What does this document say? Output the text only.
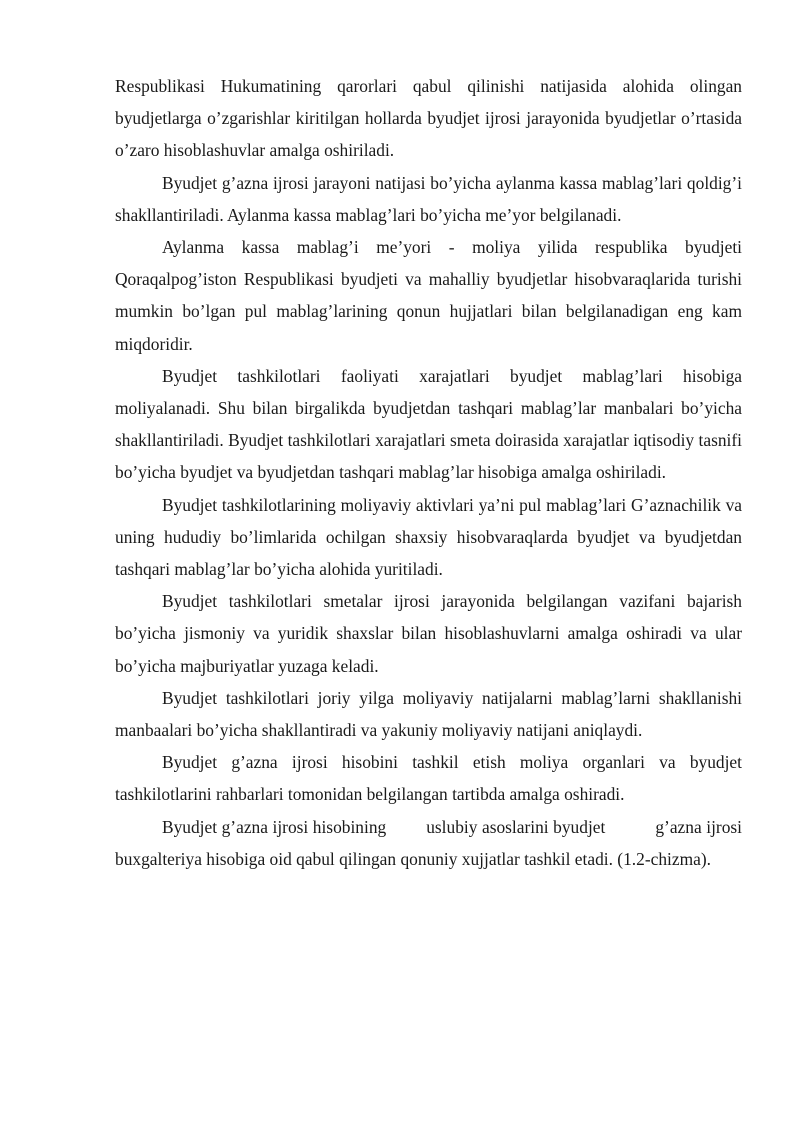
Respublikasi Hukumatining qarorlari qabul qilinishi natijasida alohida olingan byudjetlarga o’zgarishlar kiritilgan hollarda byudjet ijrosi jarayonida byudjetlar o’rtasida o’zaro hisoblashuvlar amalga oshiriladi.

Byudjet g’azna ijrosi jarayoni natijasi bo’yicha aylanma kassa mablag’lari qoldig’i shakllantiriladi. Aylanma kassa mablag’lari bo’yicha me’yor belgilanadi.

Aylanma kassa mablag’i me’yori - moliya yilida respublika byudjeti Qoraqalpog’iston Respublikasi byudjeti va mahalliy byudjetlar hisobvaraqlarida turishi mumkin bo’lgan pul mablag’larining qonun hujjatlari bilan belgilanadigan eng kam miqdoridir.

Byudjet tashkilotlari faoliyati xarajatlari byudjet mablag’lari hisobiga moliyalanadi. Shu bilan birgalikda byudjetdan tashqari mablag’lar manbalari bo’yicha shakllantiriladi. Byudjet tashkilotlari xarajatlari smeta doirasida xarajatlar iqtisodiy tasnifi bo’yicha byudjet va byudjetdan tashqari mablag’lar hisobiga amalga oshiriladi.

Byudjet tashkilotlarining moliyaviy aktivlari ya’ni pul mablag’lari G’aznachilik va uning hududiy bo’limlarida ochilgan shaxsiy hisobvaraqlarda byudjet va byudjetdan tashqari mablag’lar bo’yicha alohida yuritiladi.

Byudjet tashkilotlari smetalar ijrosi jarayonida belgilangan vazifani bajarish bo’yicha jismoniy va yuridik shaxslar bilan hisoblashuvlarni amalga oshiradi va ular bo’yicha majburiyatlar yuzaga keladi.

Byudjet tashkilotlari joriy yilga moliyaviy natijalarni mablag’larni shakllanishi manbaalari bo’yicha shakllantiradi va yakuniy moliyaviy natijani aniqlaydi.

Byudjet g’azna ijrosi hisobini tashkil etish moliya organlari va byudjet tashkilotlarini rahbarlari tomonidan belgilangan tartibda amalga oshiradi.

Byudjet g’azna ijrosi hisobining uslubiy asoslarini byudjet	g’azna ijrosi buxgalteriya hisobiga oid qabul qilingan qonuniy xujjatlar tashkil etadi. (1.2-chizma).
